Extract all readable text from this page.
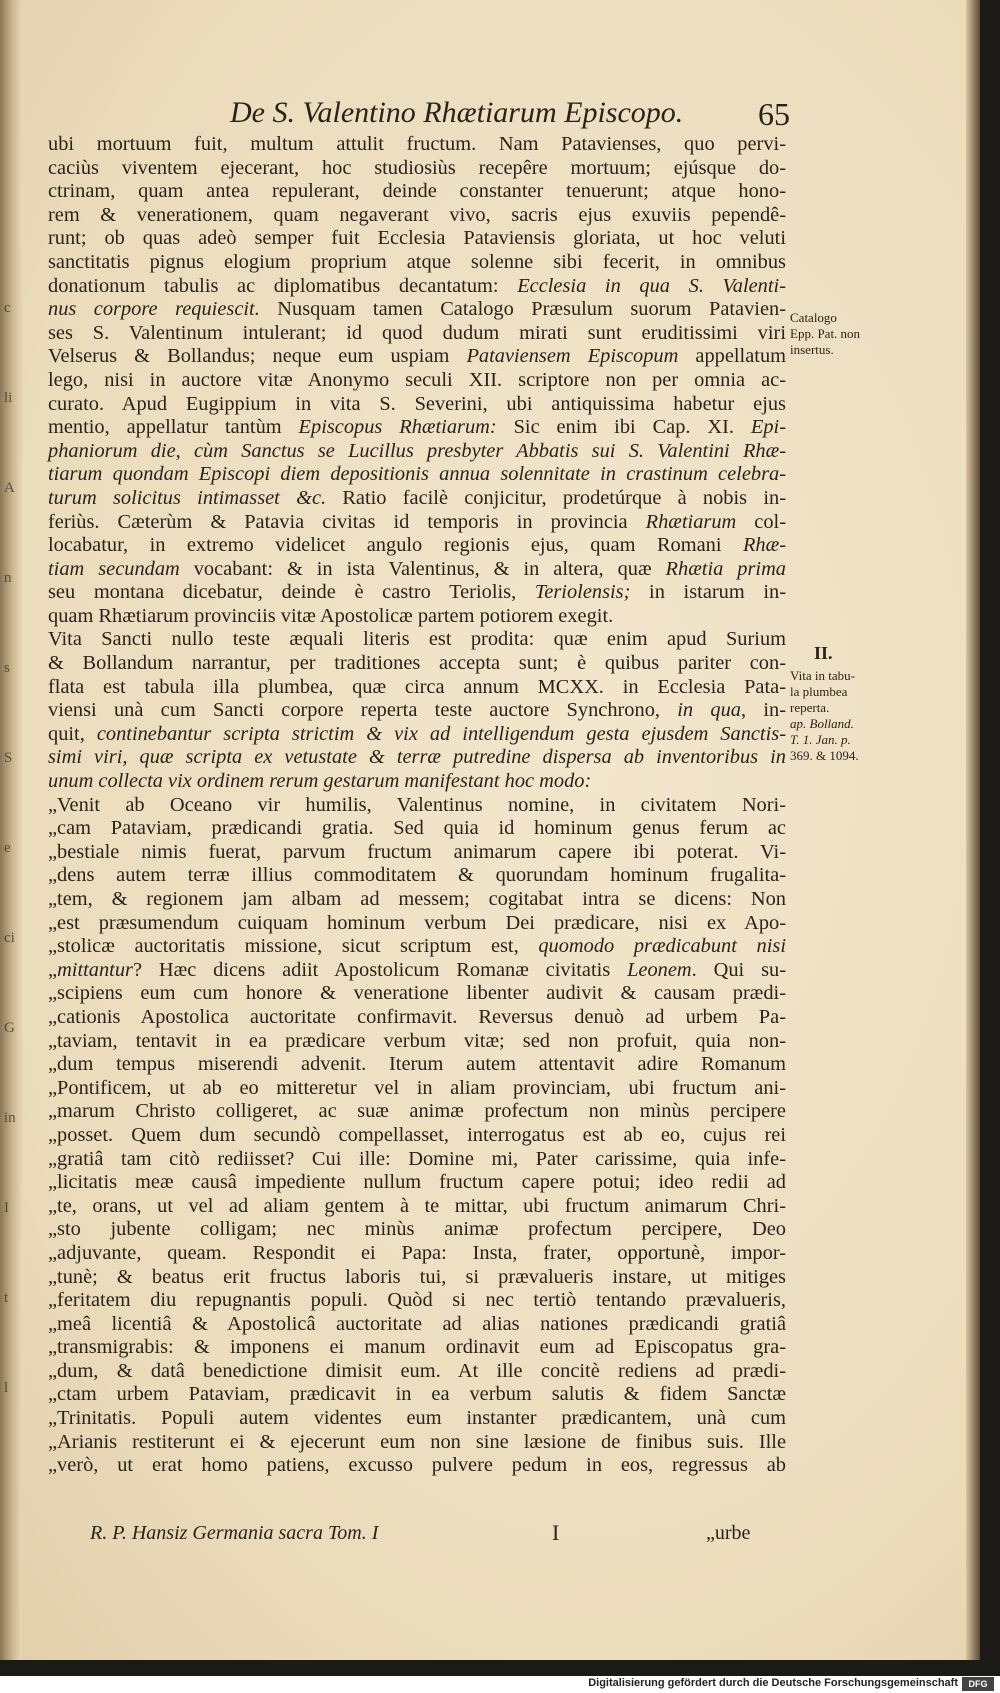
c
li
A
n
s
S
e
ci
G
in
I
t
l
De S. Valentino Rhætiarum Episcopo. 65
ubi mortuum fuit, multum attulit fructum. Nam Patavienses, quo pervi-
caciùs viventem ejecerant, hoc studiosiùs recepêre mortuum; ejúsque do-
ctrinam, quam antea repulerant, deinde constanter tenuerunt; atque hono-
rem & venerationem, quam negaverant vivo, sacris ejus exuviis pependê-
runt; ob quas adeò semper fuit Ecclesia Pataviensis gloriata, ut hoc veluti
sanctitatis pignus elogium proprium atque solenne sibi fecerit, in omnibus
donationum tabulis ac diplomatibus decantatum: Ecclesia in qua S. Valenti-
nus corpore requiescit. Nusquam tamen Catalogo Præsulum suorum Patavien-
ses S. Valentinum intulerant; id quod dudum mirati sunt eruditissimi viri
Velserus & Bollandus; neque eum uspiam Pataviensem Episcopum appellatum
lego, nisi in auctore vitæ Anonymo seculi XII. scriptore non per omnia ac-
curato. Apud Eugippium in vita S. Severini, ubi antiquissima habetur ejus
mentio, appellatur tantùm Episcopus Rhætiarum: Sic enim ibi Cap. XI. Epi-
phaniorum die, cùm Sanctus se Lucillus presbyter Abbatis sui S. Valentini Rhæ-
tiarum quondam Episcopi diem depositionis annua solennitate in crastinum celebra-
turum solicitus intimasset &c. Ratio facilè conjicitur, prodetúrque à nobis in-
feriùs. Cæterùm & Patavia civitas id temporis in provincia Rhætiarum col-
locabatur, in extremo videlicet angulo regionis ejus, quam Romani Rhæ-
tiam secundam vocabant: & in ista Valentinus, & in altera, quæ Rhætia prima
seu montana dicebatur, deinde è castro Teriolis, Teriolensis; in istarum in-
quam Rhætiarum provinciis vitæ Apostolicæ partem potiorem exegit.
Vita Sancti nullo teste æquali literis est prodita: quæ enim apud Surium
& Bollandum narrantur, per traditiones accepta sunt; è quibus pariter con-
flata est tabula illa plumbea, quæ circa annum MCXX. in Ecclesia Pata-
viensi unà cum Sancti corpore reperta teste auctore Synchrono, in qua, in-
quit, continebantur scripta strictim & vix ad intelligendum gesta ejusdem Sanctis-
simi viri, quæ scripta ex vetustate & terræ putredine dispersa ab inventoribus in
unum collecta vix ordinem rerum gestarum manifestant hoc modo:
„Venit ab Oceano vir humilis, Valentinus nomine, in civitatem Nori-
„cam Pataviam, prædicandi gratia. Sed quia id hominum genus ferum ac
„bestiale nimis fuerat, parvum fructum animarum capere ibi poterat. Vi-
„dens autem terræ illius commoditatem & quorundam hominum frugalita-
„tem, & regionem jam albam ad messem; cogitabat intra se dicens: Non
„est præsumendum cuiquam hominum verbum Dei prædicare, nisi ex Apo-
„stolicæ auctoritatis missione, sicut scriptum est, quomodo prædicabunt nisi
„mittantur? Hæc dicens adiit Apostolicum Romanæ civitatis Leonem. Qui su-
„scipiens eum cum honore & veneratione libenter audivit & causam prædi-
„cationis Apostolica auctoritate confirmavit. Reversus denuò ad urbem Pa-
„taviam, tentavit in ea prædicare verbum vitæ; sed non profuit, quia non-
„dum tempus miserendi advenit. Iterum autem attentavit adire Romanum
„Pontificem, ut ab eo mitteretur vel in aliam provinciam, ubi fructum ani-
„marum Christo colligeret, ac suæ animæ profectum non minùs percipere
„posset. Quem dum secundò compellasset, interrogatus est ab eo, cujus rei
„gratiâ tam citò rediisset? Cui ille: Domine mi, Pater carissime, quia infe-
„licitatis meæ causâ impediente nullum fructum capere potui; ideo redii ad
„te, orans, ut vel ad aliam gentem à te mittar, ubi fructum animarum Chri-
„sto jubente colligam; nec minùs animæ profectum percipere, Deo
„adjuvante, queam. Respondit ei Papa: Insta, frater, opportunè, impor-
„tunè; & beatus erit fructus laboris tui, si prævalueris instare, ut mitiges
„feritatem diu repugnantis populi. Quòd si nec tertiò tentando prævalueris,
„meâ licentiâ & Apostolicâ auctoritate ad alias nationes prædicandi gratiâ
„transmigrabis: & imponens ei manum ordinavit eum ad Episcopatus gra-
„dum, & datâ benedictione dimisit eum. At ille concitè rediens ad prædi-
„ctam urbem Pataviam, prædicavit in ea verbum salutis & fidem Sanctæ
„Trinitatis. Populi autem videntes eum instanter prædicantem, unà cum
„Arianis restiterunt ei & ejecerunt eum non sine læsione de finibus suis. Ille
„verò, ut erat homo patiens, excusso pulvere pedum in eos, regressus ab
Catalogo
Epp. Pat. non
insertus.
II.
Vita in tabu-
la plumbea
reperta.
ap. Bolland.
T. 1. Jan. p.
369. & 1094.
R. P. Hansiz Germania sacra Tom. I	I	„urbe
Digitalisierung gefördert durch die Deutsche Forschungsgemeinschaft	DFG
